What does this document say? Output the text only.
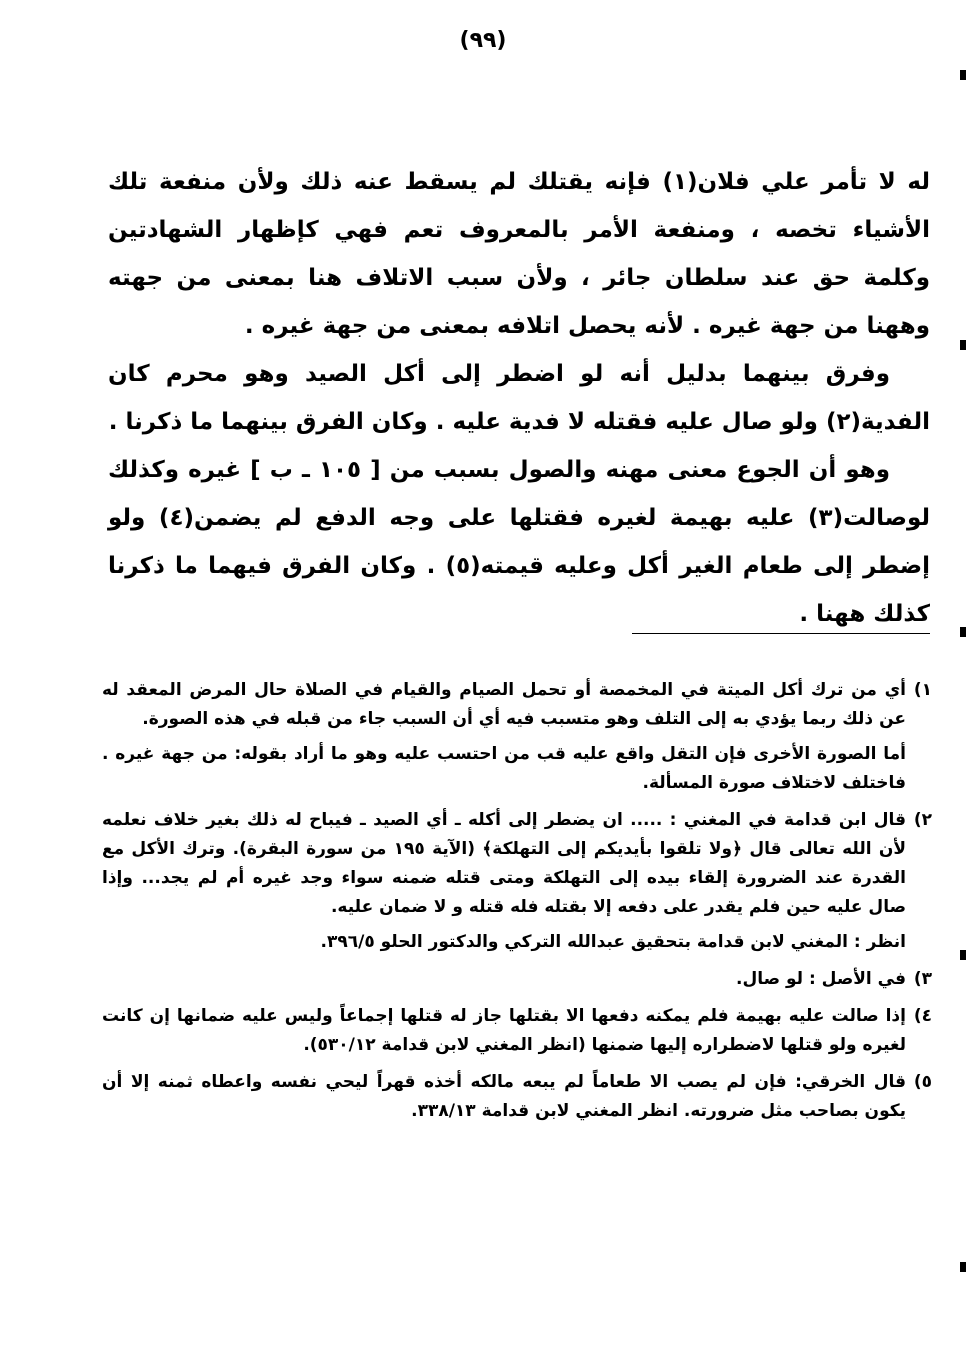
(٩٩)

له لا تأمر علي فلان(١) فإنه يقتلك لم يسقط عنه ذلك ولأن منفعة تلك الأشياء تخصه ، ومنفعة الأمر بالمعروف تعم فهي كإظهار الشهادتين وكلمة حق عند سلطان جائر ، ولأن سبب الاتلاف هنا بمعنى من جهته وههنا من جهة غيره . لأنه يحصل اتلافه بمعنى من جهة غيره .

وفرق بينهما بدليل أنه لو اضطر إلى أكل الصيد وهو محرم كان الفدية(٢) ولو صال عليه فقتله لا فدية عليه . وكان الفرق بينهما ما ذكرنا .

وهو أن الجوع معنى مهنه والصول بسبب من [ ١٠٥ ـ ب ] غيره وكذلك لوصالت(٣) عليه بهيمة لغيره فقتلها على وجه الدفع لم يضمن(٤) ولو إضطر إلى طعام الغير أكل وعليه قيمته(٥) . وكان الفرق فيهما ما ذكرنا كذلك ههنا .

١)

أي من ترك أكل الميتة في المخمصة أو تحمل الصيام والقيام في الصلاة حال المرض المعقد له عن ذلك ربما يؤدي به إلى التلف وهو متسبب فيه أي أن السبب جاء من قبله في هذه الصورة.

أما الصورة الأخرى فإن التقل واقع عليه قب من احتسب عليه وهو ما أراد بقوله: من جهة غيره . فاختلف لاختلاف صورة المسألة.

٢)

قال ابن قدامة في المغني : ..... ان يضطر إلى أكله ـ أي الصيد ـ فيباح له ذلك بغير خلاف نعلمه لأن الله تعالى قال ﴿ولا تلقوا بأيديكم إلى التهلكة﴾ (الآية ١٩٥ من سورة البقرة). وترك الأكل مع القدرة عند الضرورة إلقاء بيده إلى التهلكة ومتى قتله ضمنه سواء وجد غيره أم لم يجد... وإذا صال عليه حين فلم يقدر على دفعه إلا بقتله فله قتله و لا ضمان عليه.

انظر : المغني لابن قدامة بتحقيق عبدالله التركي والدكتور الحلو ٣٩٦/٥.

٣)

في الأصل : لو صال.

٤)

إذا صالت عليه بهيمة فلم يمكنه دفعها الا بقتلها جاز له قتلها إجماعاً وليس عليه ضمانها إن كانت لغيره ولو قتلها لاضطراره إليها ضمنها (انظر المغني لابن قدامة ٥٣٠/١٢).

٥)

قال الخرقي: فإن لم يصب الا طعاماً لم يبعه مالكه أخذه قهراً ليحي نفسه واعطاه ثمنه إلا أن يكون بصاحب مثل ضرورته. انظر المغني لابن قدامة ٣٣٨/١٣.
